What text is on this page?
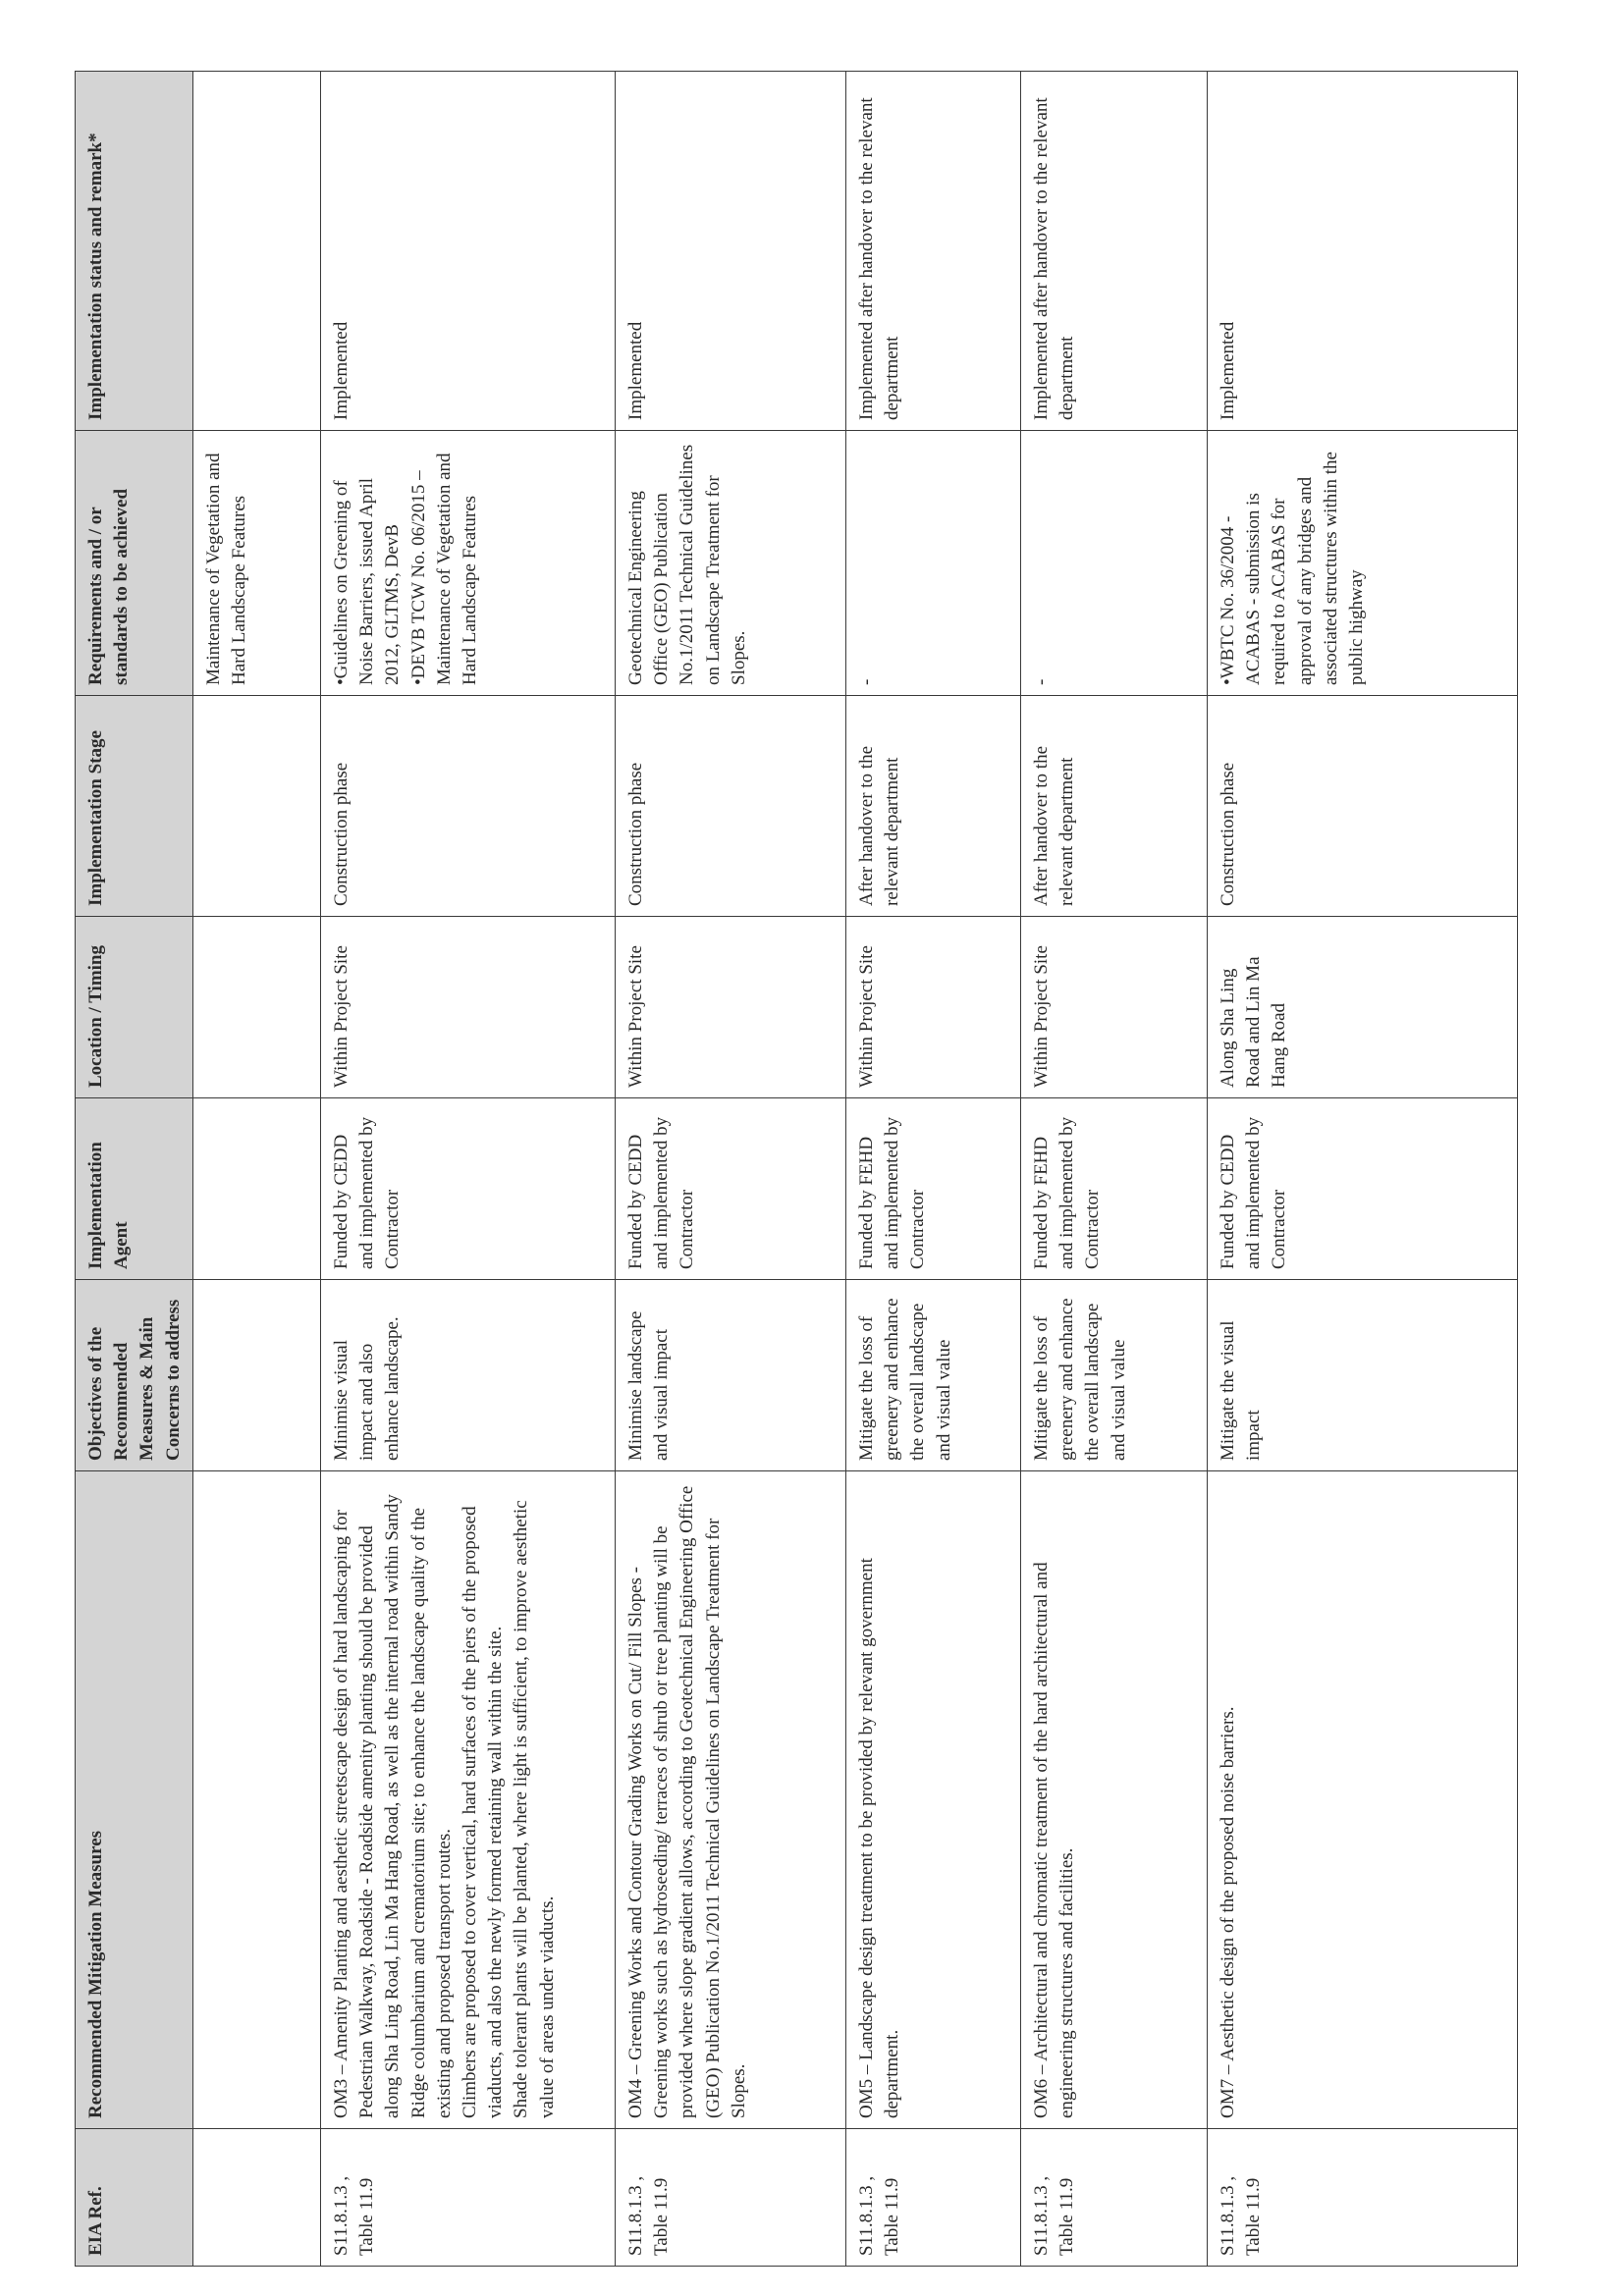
EIA Ref.	Recommended Mitigation Measures	Objectives of the Recommended Measures & Main Concerns to address	Implementation Agent	Location / Timing	Implementation Stage	Requirements and / or standards to be achieved	Implementation status and remark*
						Maintenance of Vegetation and Hard Landscape Features	
S11.8.1.3 , Table 11.9	OM3 – Amenity Planting and aesthetic streetscape design of hard landscaping for Pedestrian Walkway, Roadside - Roadside amenity planting should be provided along Sha Ling Road, Lin Ma Hang Road, as well as the internal road within Sandy Ridge columbarium and crematorium site; to enhance the landscape quality of the existing and proposed transport routes. Climbers are proposed to cover vertical, hard surfaces of the piers of the proposed viaducts, and also the newly formed retaining wall within the site. Shade tolerant plants will be planted, where light is sufficient, to improve aesthetic value of areas under viaducts.	Minimise visual impact and also enhance landscape.	Funded by CEDD and implemented by Contractor	Within Project Site	Construction phase	• Guidelines on Greening of Noise Barriers, issued April 2012, GLTMS, DevB • DEVB TCW No. 06/2015 – Maintenance of Vegetation and Hard Landscape Features	Implemented
S11.8.1.3 , Table 11.9	OM4 – Greening Works and Contour Grading Works on Cut/ Fill Slopes - Greening works such as hydroseeding/ terraces of shrub or tree planting will be provided where slope gradient allows, according to Geotechnical Engineering Office (GEO) Publication No.1/2011 Technical Guidelines on Landscape Treatment for Slopes.	Minimise landscape and visual impact	Funded by CEDD and implemented by Contractor	Within Project Site	Construction phase	Geotechnical Engineering Office (GEO) Publication No.1/2011 Technical Guidelines on Landscape Treatment for Slopes.	Implemented
S11.8.1.3 , Table 11.9	OM5 – Landscape design treatment to be provided by relevant government department.	Mitigate the loss of greenery and enhance the overall landscape and visual value	Funded by FEHD and implemented by Contractor	Within Project Site	After handover to the relevant department	-	Implemented after handover to the relevant department
S11.8.1.3 , Table 11.9	OM6 – Architectural and chromatic treatment of the hard architectural and engineering structures and facilities.	Mitigate the loss of greenery and enhance the overall landscape and visual value	Funded by FEHD and implemented by Contractor	Within Project Site	After handover to the relevant department	-	Implemented after handover to the relevant department
S11.8.1.3 , Table 11.9	OM7 – Aesthetic design of the proposed noise barriers.	Mitigate the visual impact	Funded by CEDD and implemented by Contractor	Along Sha Ling Road and Lin Ma Hang Road	Construction phase	• WBTC No. 36/2004 - ACABAS - submission is required to ACABAS for approval of any bridges and associated structures within the public highway	Implemented
